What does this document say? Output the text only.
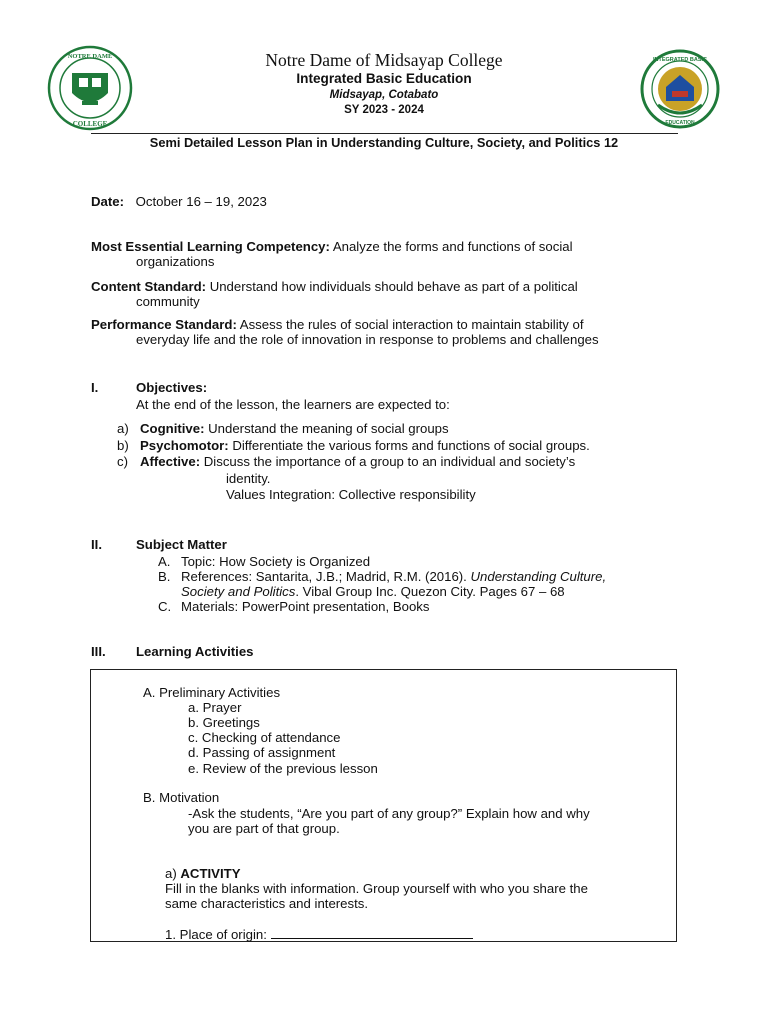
NOTRE DAME
COLLEGE
INTEGRATED BASIC
EDUCATION
Notre Dame of Midsayap College
Integrated Basic Education
Midsayap, Cotabato
SY 2023 - 2024
Semi Detailed Lesson Plan in Understanding Culture, Society, and Politics 12
Date: October 16 – 19, 2023
Most Essential Learning Competency: Analyze the forms and functions of social
organizations
Content Standard: Understand how individuals should behave as part of a political
community
Performance Standard: Assess the rules of social interaction to maintain stability of
everyday life and the role of innovation in response to problems and challenges
I.	Objectives:
At the end of the lesson, the learners are expected to:
a) Cognitive: Understand the meaning of social groups
b) Psychomotor: Differentiate the various forms and functions of social groups.
c) Affective: Discuss the importance of a group to an individual and society’s
identity.
Values Integration: Collective responsibility
II.	Subject Matter
A. Topic: How Society is Organized
B. References: Santarita, J.B.; Madrid, R.M. (2016). Understanding Culture,
Society and Politics. Vibal Group Inc. Quezon City. Pages 67 – 68
C. Materials: PowerPoint presentation, Books
III. Learning Activities
A. Preliminary Activities
a. Prayer
b. Greetings
c. Checking of attendance
d. Passing of assignment
e. Review of the previous lesson
B. Motivation
-Ask the students, “Are you part of any group?” Explain how and why
you are part of that group.
a) ACTIVITY
Fill in the blanks with information. Group yourself with who you share the
same characteristics and interests.
1. Place of origin:
